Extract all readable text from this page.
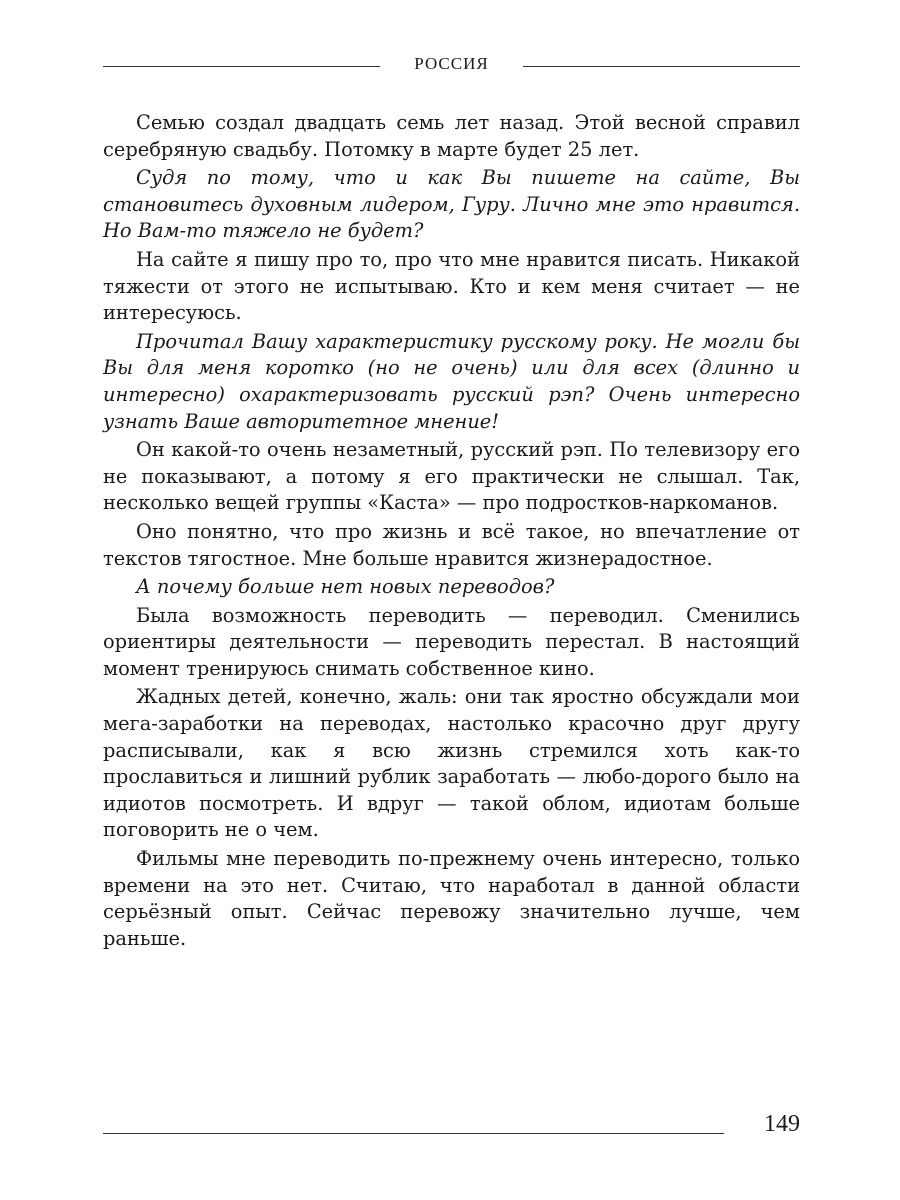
РОССИЯ

Семью создал двадцать семь лет назад. Этой весной справил серебряную свадьбу. Потомку в марте будет 25 лет.

Судя по тому, что и как Вы пишете на сайте, Вы становитесь духовным лидером, Гуру. Лично мне это нравится. Но Вам-то тяжело не будет?

На сайте я пишу про то, про что мне нравится писать. Никакой тяжести от этого не испытываю. Кто и кем меня считает — не интересуюсь.

Прочитал Вашу характеристику русскому року. Не могли бы Вы для меня коротко (но не очень) или для всех (длинно и интересно) охарактеризовать русский рэп? Очень интересно узнать Ваше авторитетное мнение!

Он какой-то очень незаметный, русский рэп. По телевизору его не показывают, а потому я его практически не слышал. Так, несколько вещей группы «Каста» — про подростков-наркоманов.

Оно понятно, что про жизнь и всё такое, но впечатление от текстов тягостное. Мне больше нравится жизнерадостное.

А почему больше нет новых переводов?

Была возможность переводить — переводил. Сменились ориентиры деятельности — переводить перестал. В настоящий момент тренируюсь снимать собственное кино.

Жадных детей, конечно, жаль: они так яростно обсуждали мои мега-заработки на переводах, настолько красочно друг другу расписывали, как я всю жизнь стремился хоть как-то прославиться и лишний рублик заработать — любо-дорого было на идиотов посмотреть. И вдруг — такой облом, идиотам больше поговорить не о чем.

Фильмы мне переводить по-прежнему очень интересно, только времени на это нет. Считаю, что наработал в данной области серьёзный опыт. Сейчас перевожу значительно лучше, чем раньше.

149
